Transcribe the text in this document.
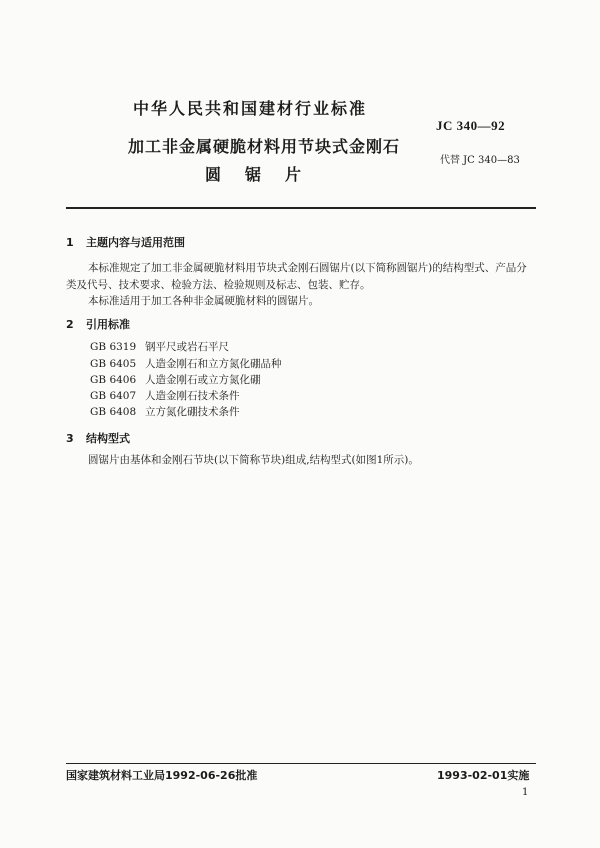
中华人民共和国建材行业标准
JC 340—92
加工非金属硬脆材料用节块式金刚石
圆锯片
代替 JC 340—83
1 主题内容与适用范围
本标准规定了加工非金属硬脆材料用节块式金刚石圆锯片(以下简称圆锯片)的结构型式、产品分
类及代号、技术要求、检验方法、检验规则及标志、包装、贮存。
本标准适用于加工各种非金属硬脆材料的圆锯片。
2 引用标准
GB 6319 钢平尺或岩石平尺
GB 6405 人造金刚石和立方氮化硼品种
GB 6406 人造金刚石或立方氮化硼
GB 6407 人造金刚石技术条件
GB 6408 立方氮化硼技术条件
3 结构型式
圆锯片由基体和金刚石节块(以下简称节块)组成,结构型式(如图1所示)。
国家建筑材料工业局1992-06-26批准	1993-02-01实施
1
